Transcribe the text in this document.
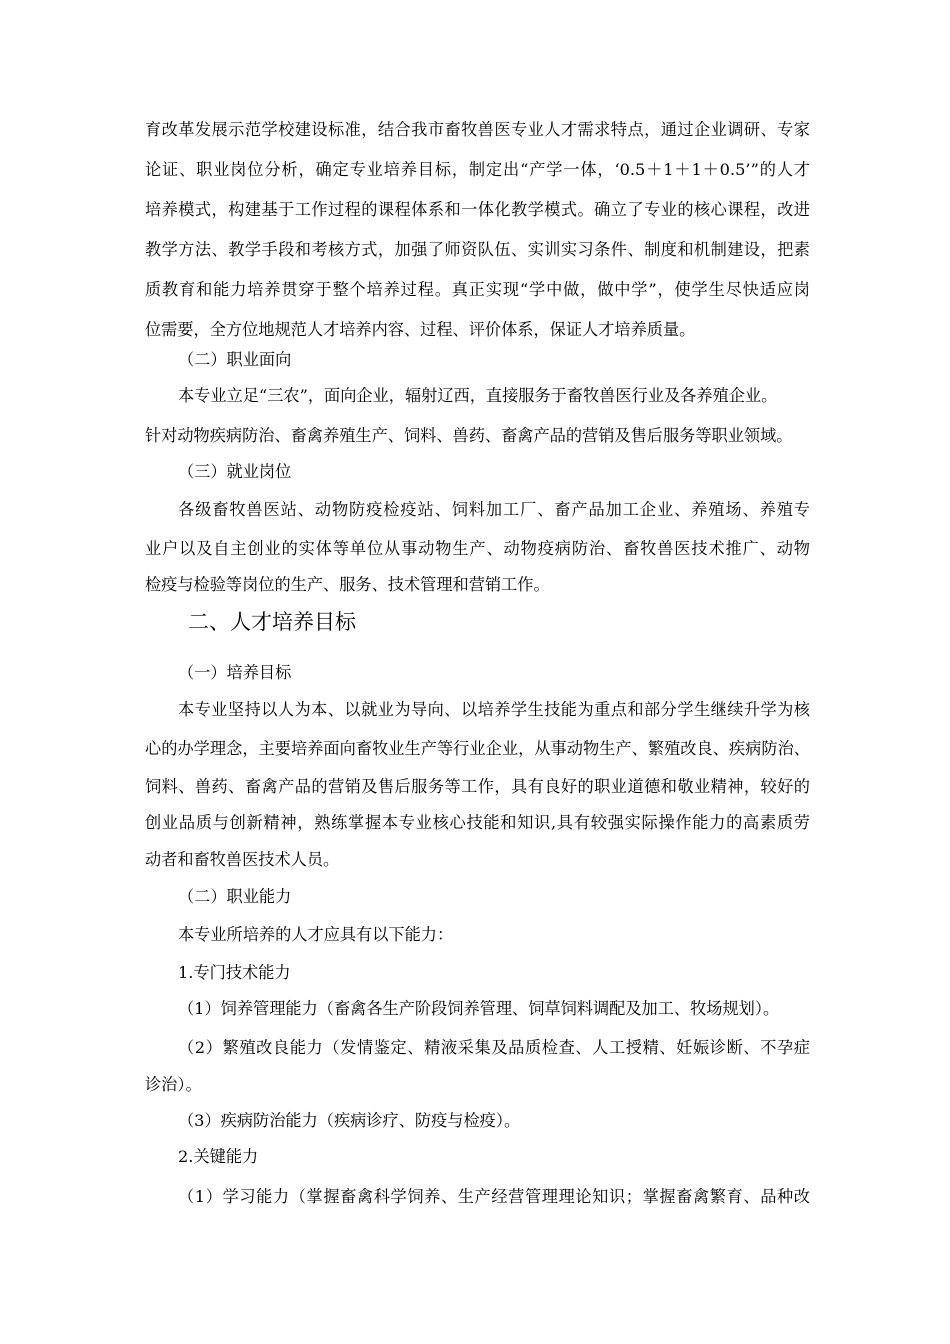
育改革发展示范学校建设标准，结合我市畜牧兽医专业人才需求特点，通过企业调研、专家
论证、职业岗位分析，确定专业培养目标，制定出“产学一体，‘0.5＋1＋1＋0.5’”的人才
培养模式，构建基于工作过程的课程体系和一体化教学模式。确立了专业的核心课程，改进
教学方法、教学手段和考核方式，加强了师资队伍、实训实习条件、制度和机制建设，把素
质教育和能力培养贯穿于整个培养过程。真正实现“学中做，做中学”，使学生尽快适应岗
位需要，全方位地规范人才培养内容、过程、评价体系，保证人才培养质量。
（二）职业面向
本专业立足“三农”，面向企业，辐射辽西，直接服务于畜牧兽医行业及各养殖企业。
针对动物疾病防治、畜禽养殖生产、饲料、兽药、畜禽产品的营销及售后服务等职业领域。
（三）就业岗位
各级畜牧兽医站、动物防疫检疫站、饲料加工厂、畜产品加工企业、养殖场、养殖专
业户以及自主创业的实体等单位从事动物生产、动物疫病防治、畜牧兽医技术推广、动物
检疫与检验等岗位的生产、服务、技术管理和营销工作。
二、人才培养目标
（一）培养目标
本专业坚持以人为本、以就业为导向、以培养学生技能为重点和部分学生继续升学为核
心的办学理念，主要培养面向畜牧业生产等行业企业，从事动物生产、繁殖改良、疾病防治、
饲料、兽药、畜禽产品的营销及售后服务等工作，具有良好的职业道德和敬业精神，较好的
创业品质与创新精神，熟练掌握本专业核心技能和知识,具有较强实际操作能力的高素质劳
动者和畜牧兽医技术人员。
（二）职业能力
本专业所培养的人才应具有以下能力：
1.专门技术能力
（1）饲养管理能力（畜禽各生产阶段饲养管理、饲草饲料调配及加工、牧场规划）。
（2）繁殖改良能力（发情鉴定、精液采集及品质检查、人工授精、妊娠诊断、不孕症
诊治）。
（3）疾病防治能力（疾病诊疗、防疫与检疫）。
2.关键能力
（1）学习能力（掌握畜禽科学饲养、生产经营管理理论知识；掌握畜禽繁育、品种改
